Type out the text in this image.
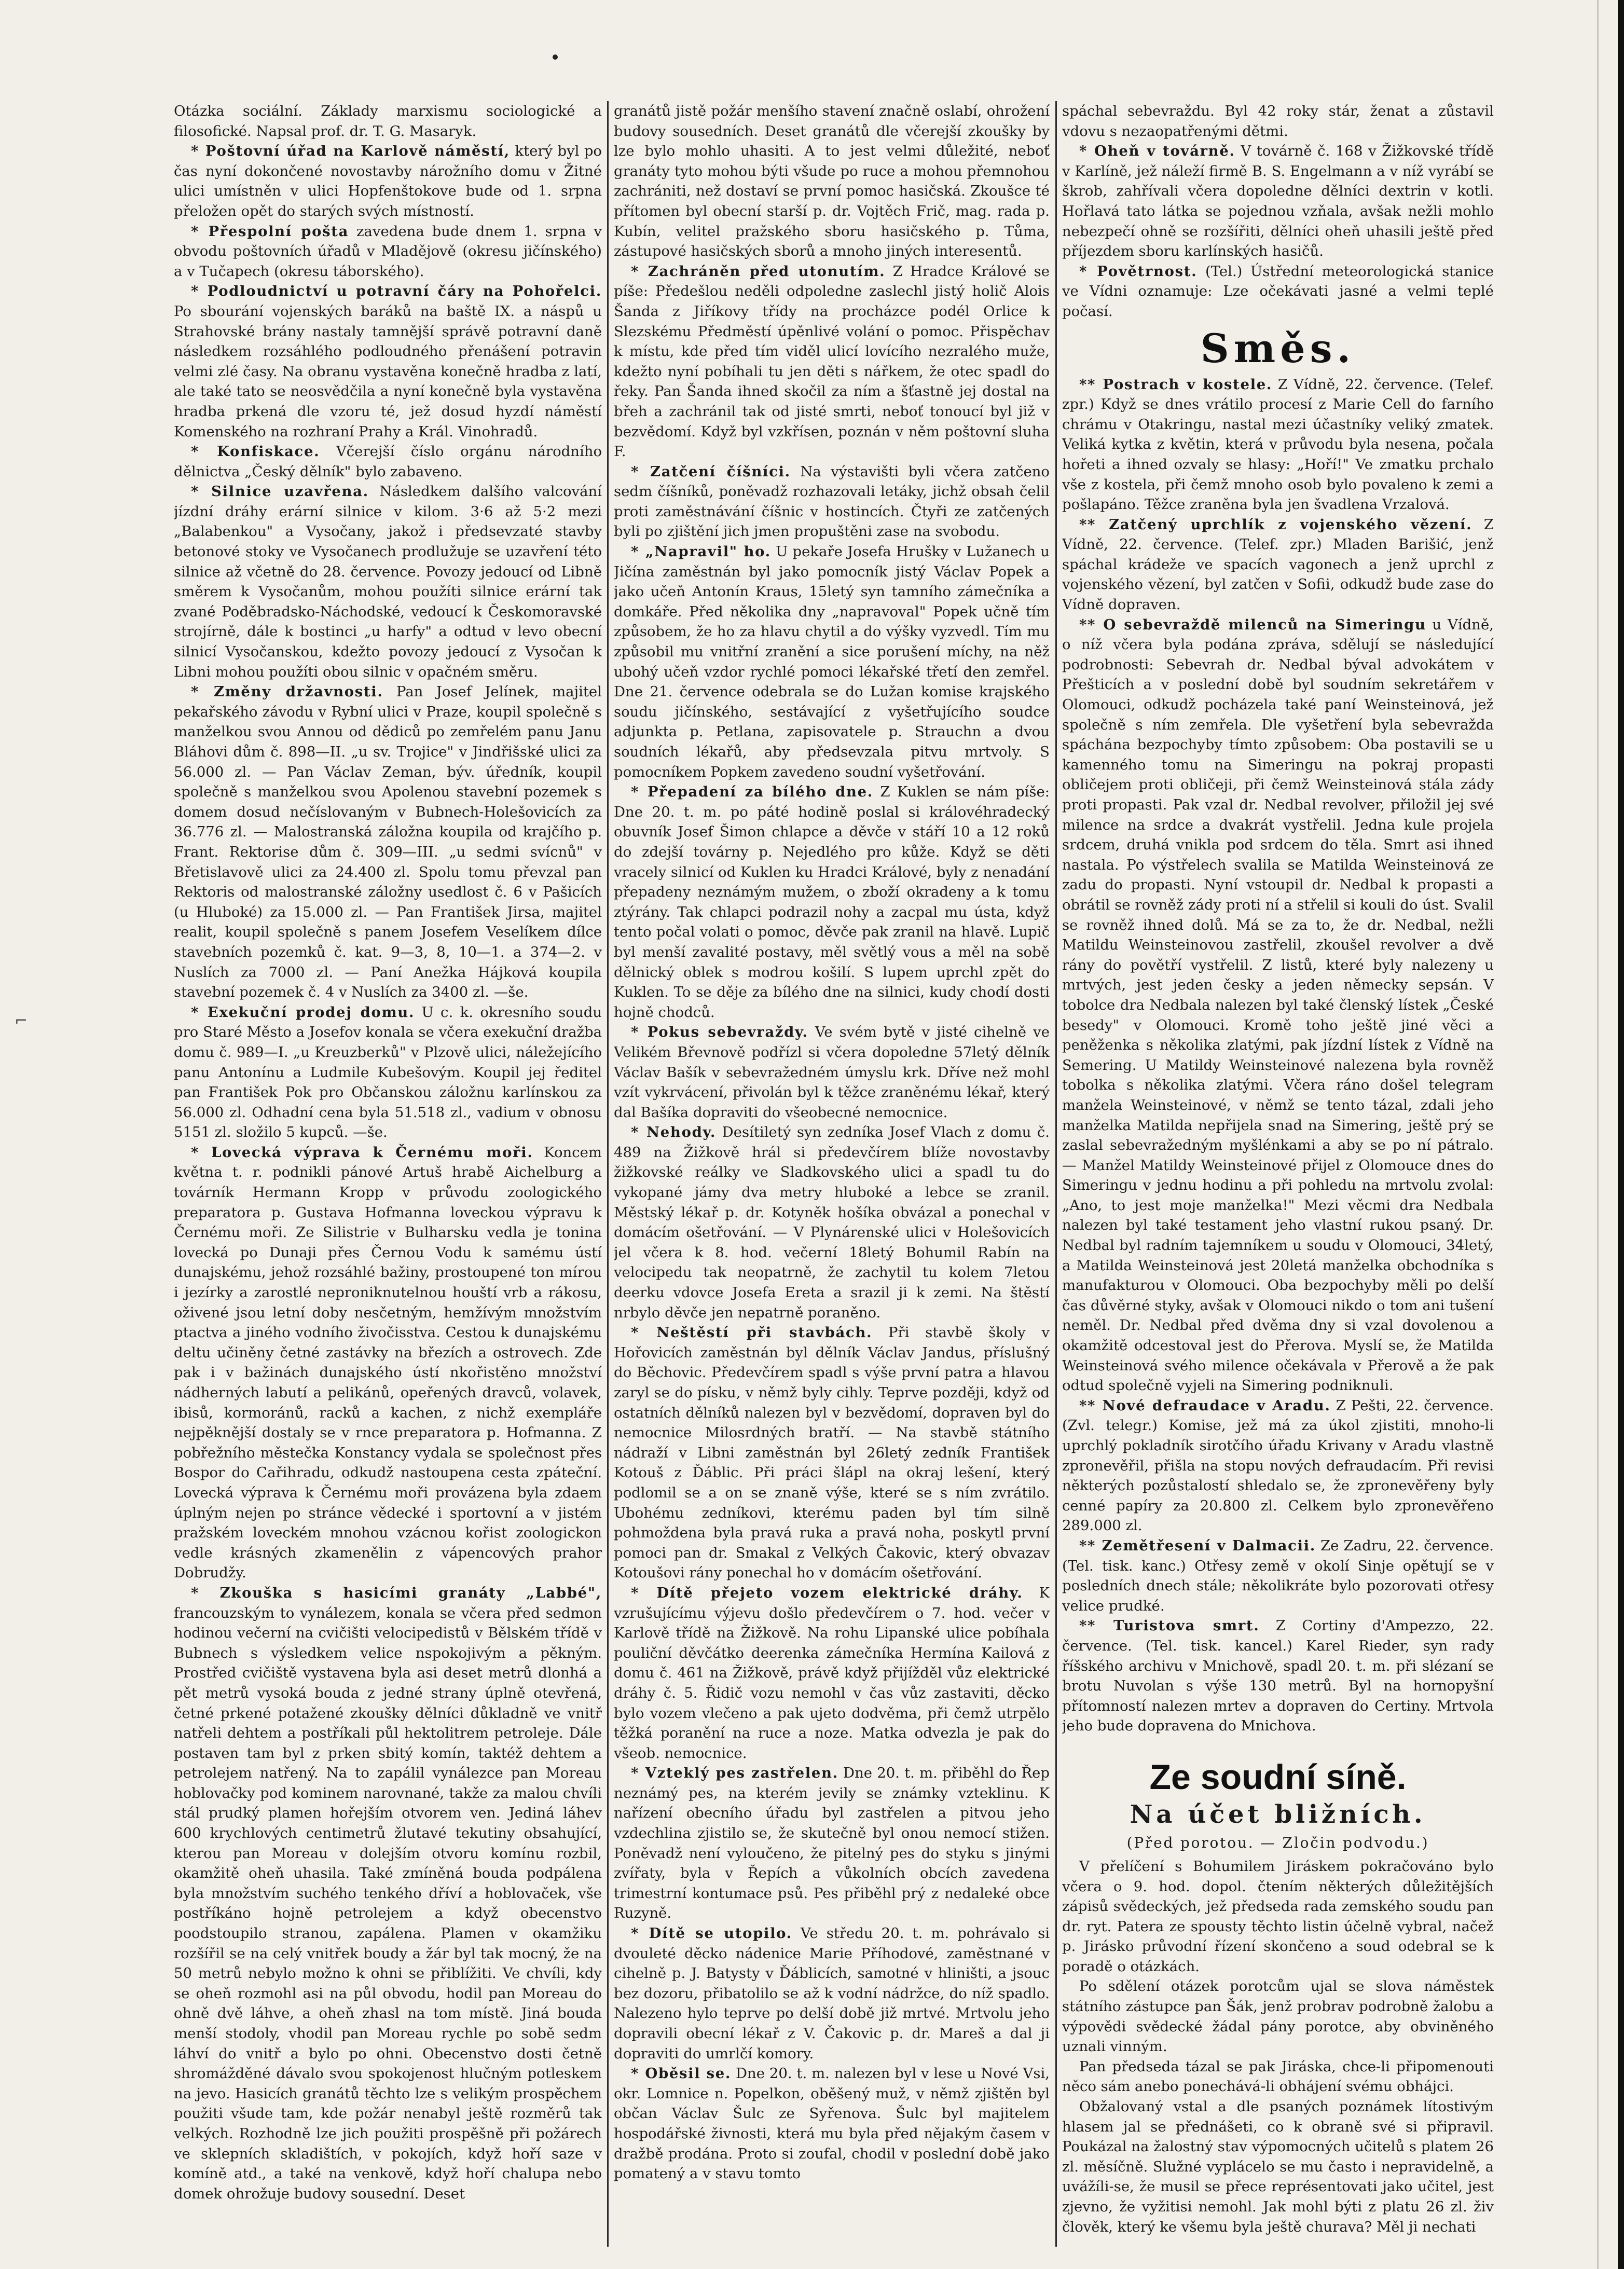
⌐

Otázka sociální. Základy marxismu sociologické a filosofické. Napsal prof. dr. T. G. Masaryk.

* Poštovní úřad na Karlově náměstí, který byl po čas nyní dokončené novostavby nárožního domu v Žitné ulici umístněn v ulici Hopfenštokove bude od 1. srpna přeložen opět do starých svých místností.

* Přespolní pošta zavedena bude dnem 1. srpna v obvodu poštovních úřadů v Mladějově (okresu jičínského) a v Tučapech (okresu táborského).

* Podloudnictví u potravní čáry na Pohořelci. Po sbourání vojenských baráků na baště IX. a náspů u Strahovské brány nastaly tamnější správě potravní daně následkem rozsáhlého podloudného přenášení potravin velmi zlé časy. Na obranu vystavěna konečně hradba z latí, ale také tato se neosvědčila a nyní konečně byla vystavěna hradba prkená dle vzoru té, jež dosud hyzdí náměstí Komenského na rozhraní Prahy a Král. Vinohradů.

* Konfiskace. Včerejší číslo orgánu národního dělnictva „Český dělník" bylo zabaveno.

* Silnice uzavřena. Následkem dalšího valcování jízdní dráhy erární silnice v kilom. 3·6 až 5·2 mezi „Balabenkou" a Vysočany, jakož i předsevzaté stavby betonové stoky ve Vysočanech prodlužuje se uzavření této silnice až včetně do 28. července. Povozy jedoucí od Libně směrem k Vysočanům, mohou použíti silnice erární tak zvané Poděbradsko-Náchodské, vedoucí k Českomoravské strojírně, dále k bostinci „u harfy" a odtud v levo obecní silnicí Vysočanskou, kdežto povozy jedoucí z Vysočan k Libni mohou použíti obou silnic v opačném směru.

* Změny državnosti. Pan Josef Jelínek, majitel pekařského závodu v Rybní ulici v Praze, koupil společně s manželkou svou Annou od dědiců po zemřelém panu Janu Bláhovi dům č. 898—II. „u sv. Trojice" v Jindřišské ulici za 56.000 zl. — Pan Václav Zeman, býv. úředník, koupil společně s manželkou svou Apolenou stavební pozemek s domem dosud nečíslovaným v Bubnech-Holešovicích za 36.776 zl. — Malostranská záložna koupila od krajčího p. Frant. Rektorise dům č. 309—III. „u sedmi svícnů" v Břetislavově ulici za 24.400 zl. Spolu tomu převzal pan Rektoris od malostranské záložny usedlost č. 6 v Pašicích (u Hluboké) za 15.000 zl. — Pan František Jirsa, majitel realit, koupil společně s panem Josefem Veselíkem dílce stavebních pozemků č. kat. 9—3, 8, 10—1. a 374—2. v Nuslích za 7000 zl. — Paní Anežka Hájková koupila stavební pozemek č. 4 v Nuslích za 3400 zl. —še.

* Exekuční prodej domu. U c. k. okresního soudu pro Staré Město a Josefov konala se včera exekuční dražba domu č. 989—I. „u Kreuzberků" v Plzově ulici, náležejícího panu Antonínu a Ludmile Kubešovým. Koupil jej ředitel pan František Pok pro Občanskou záložnu karlínskou za 56.000 zl. Odhadní cena byla 51.518 zl., vadium v obnosu 5151 zl. složilo 5 kupců. —še.

* Lovecká výprava k Černému moři. Koncem května t. r. podnikli pánové Artuš hrabě Aichelburg a továrník Hermann Kropp v průvodu zoologického preparatora p. Gustava Hofmanna loveckou výpravu k Černému moři. Ze Silistrie v Bulharsku vedla je tonina lovecká po Dunaji přes Černou Vodu k samému ústí dunajskému, jehož rozsáhlé bažiny, prostoupené ton mírou i jezírky a zarostlé neproniknutelnou houští vrb a rákosu, oživené jsou letní doby nesčetným, hemžívým množstvím ptactva a jiného vodního živočisstva. Cestou k dunajskému deltu učiněny četné zastávky na březích a ostrovech. Zde pak i v bažinách dunajského ústí nkořistěno množství nádherných labutí a pelikánů, opeřených dravců, volavek, ibisů, kormoránů, racků a kachen, z nichž exempláře nejpěknější dostaly se v rnce preparatora p. Hofmanna. Z pobřežního městečka Konstancy vydala se společnost přes Bospor do Cařihradu, odkudž nastoupena cesta zpáteční. Lovecká výprava k Černému moři provázena byla zdaem úplným nejen po stránce vědecké i sportovní a v jistém pražském loveckém mnohou vzácnou kořist zoologickon vedle krásných zkamenělin z vápencových prahor Dobrudžy.

* Zkouška s hasicími granáty „Labbé", francouzským to vynálezem, konala se včera před sedmon hodinou večerní na cvičišti velocipedistů v Bělském třídě v Bubnech s výsledkem velice nspokojivým a pěkným. Prostřed cvičiště vystavena byla asi deset metrů dlonhá a pět metrů vysoká bouda z jedné strany úplně otevřená, četné prkené potažené zkoušky dělníci důkladně ve vnitř natřeli dehtem a postříkali půl hektolitrem petroleje. Dále postaven tam byl z prken sbitý komín, taktéž dehtem a petrolejem natřený. Na to zapálil vynálezce pan Moreau hoblovačky pod kominem narovnané, takže za malou chvíli stál prudký plamen hořejším otvorem ven. Jediná láhev 600 krychlových centimetrů žlutavé tekutiny obsahující, kterou pan Moreau v dolejším otvoru komínu rozbil, okamžitě oheň uhasila. Také zmíněná bouda podpálena byla množstvím suchého tenkého dříví a hoblovaček, vše postříkáno hojně petrolejem a když obecenstvo poodstoupilo stranou, zapálena. Plamen v okamžiku rozšířil se na celý vnitřek boudy a žár byl tak mocný, že na 50 metrů nebylo možno k ohni se přiblížiti. Ve chvíli, kdy se oheň rozmohl asi na půl obvodu, hodil pan Moreau do ohně dvě láhve, a oheň zhasl na tom místě. Jiná bouda menší stodoly, vhodil pan Moreau rychle po sobě sedm láhví do vnitř a bylo po ohni. Obecenstvo dosti četně shromážděné dávalo svou spokojenost hlučným potleskem na jevo. Hasicích granátů těchto lze s velikým prospěchem použiti všude tam, kde požár nenabyl ještě rozměrů tak velkých. Rozhodně lze jich použiti prospěšně při požárech ve sklepních skladištích, v pokojích, když hoří saze v komíně atd., a také na venkově, když hoří chalupa nebo domek ohrožuje budovy sousední. Deset

granátů jistě požár menšího stavení značně oslabí, ohrožení budovy sousedních. Deset granátů dle včerejší zkoušky by lze bylo mohlo uhasiti. A to jest velmi důležité, neboť granáty tyto mohou býti všude po ruce a mohou přemnohou zachrániti, než dostaví se první pomoc hasičská. Zkoušce té přítomen byl obecní starší p. dr. Vojtěch Frič, mag. rada p. Kubín, velitel pražského sboru hasičského p. Tůma, zástupové hasičských sborů a mnoho jiných interesentů.

* Zachráněn před utonutím. Z Hradce Králové se píše: Předešlou neděli odpoledne zaslechl jistý holič Alois Šanda z Jiříkovy třídy na procházce podél Orlice k Slezskému Předměstí úpěnlivé volání o pomoc. Přispěchav k místu, kde před tím viděl ulicí lovícího nezralého muže, kdežto nyní pobíhali tu jen děti s nářkem, že otec spadl do řeky. Pan Šanda ihned skočil za ním a šťastně jej dostal na břeh a zachránil tak od jisté smrti, neboť tonoucí byl již v bezvědomí. Když byl vzkřísen, poznán v něm poštovní sluha F.

* Zatčení číšníci. Na výstavišti byli včera zatčeno sedm číšníků, poněvadž rozhazovali letáky, jichž obsah čelil proti zaměstnávání číšnic v hostincích. Čtyři ze zatčených byli po zjištění jich jmen propuštěni zase na svobodu.

* „Napravil" ho. U pekaře Josefa Hrušky v Lužanech u Jičína zaměstnán byl jako pomocník jistý Václav Popek a jako učeň Antonín Kraus, 15letý syn tamního zámečníka a domkáře. Před několika dny „napravoval" Popek učně tím způsobem, že ho za hlavu chytil a do výšky vyzvedl. Tím mu způsobil mu vnitřní zranění a sice porušení míchy, na něž ubohý učeň vzdor rychlé pomoci lékařské třetí den zemřel. Dne 21. července odebrala se do Lužan komise krajského soudu jičínského, sestávající z vyšetřujícího soudce adjunkta p. Petlana, zapisovatele p. Strauchn a dvou soudních lékařů, aby předsevzala pitvu mrtvoly. S pomocníkem Popkem zavedeno soudní vyšetřování.

* Přepadení za bílého dne. Z Kuklen se nám píše: Dne 20. t. m. po páté hodině poslal si královéhradecký obuvník Josef Šimon chlapce a děvče v stáří 10 a 12 roků do zdejší továrny p. Nejedlého pro kůže. Když se děti vracely silnicí od Kuklen ku Hradci Králové, byly z nenadání přepadeny neznámým mužem, o zboží okradeny a k tomu ztýrány. Tak chlapci podrazil nohy a zacpal mu ústa, když tento počal volati o pomoc, děvče pak zranil na hlavě. Lupič byl menší zavalité postavy, měl světlý vous a měl na sobě dělnický oblek s modrou košilí. S lupem uprchl zpět do Kuklen. To se děje za bílého dne na silnici, kudy chodí dosti hojně chodců.

* Pokus sebevraždy. Ve svém bytě v jisté cihelně ve Velikém Břevnově podřízl si včera dopoledne 57letý dělník Václav Bašík v sebevražedném úmyslu krk. Dříve než mohl vzít vykrvácení, přivolán byl k těžce zraněnému lékař, který dal Bašíka dopraviti do všeobecné nemocnice.

* Nehody. Desítiletý syn zedníka Josef Vlach z domu č. 489 na Žižkově hrál si předevčírem blíže novostavby žižkovské reálky ve Sladkovského ulici a spadl tu do vykopané jámy dva metry hluboké a lebce se zranil. Městský lékař p. dr. Kotyněk hošíka obvázal a ponechal v domácím ošetřování. — V Plynárenské ulici v Holešovicích jel včera k 8. hod. večerní 18letý Bohumil Rabín na velocipedu tak neopatrně, že zachytil tu kolem 7letou deerku vdovce Josefa Ereta a srazil ji k zemi. Na štěstí nrbylo děvče jen nepatrně poraněno.

* Neštěstí při stavbách. Při stavbě školy v Hořovicích zaměstnán byl dělník Václav Jandus, příslušný do Běchovic. Předevčírem spadl s výše první patra a hlavou zaryl se do písku, v němž byly cihly. Teprve později, když od ostatních dělníků nalezen byl v bezvědomí, dopraven byl do nemocnice Milosrdných bratří. — Na stavbě státního nádraží v Libni zaměstnán byl 26letý zedník František Kotouš z Ďáblic. Při práci šlápl na okraj lešení, který podlomil se a on se znaně výše, které se s ním zvrátilo. Ubohému zedníkovi, kterému paden byl tím silně pohmoždena byla pravá ruka a pravá noha, poskytl první pomoci pan dr. Smakal z Velkých Čakovic, který obvazav Kotoušovi rány ponechal ho v domácím ošetřování.

* Dítě přejeto vozem elektrické dráhy. K vzrušujícímu výjevu došlo předevčírem o 7. hod. večer v Karlově třídě na Žižkově. Na rohu Lipanské ulice pobíhala pouliční děvčátko deerenka zámečníka Hermína Kailová z domu č. 461 na Žižkově, právě když přijížděl vůz elektrické dráhy č. 5. Řidič vozu nemohl v čas vůz zastaviti, děcko bylo vozem vlečeno a pak ujeto dodvěma, při čemž utrpělo těžká poranění na ruce a noze. Matka odvezla je pak do všeob. nemocnice.

* Vzteklý pes zastřelen. Dne 20. t. m. přiběhl do Řep neznámý pes, na kterém jevily se známky vzteklinu. K nařízení obecního úřadu byl zastřelen a pitvou jeho vzdechlina zjistilo se, že skutečně byl onou nemocí stižen. Poněvadž není vyloučeno, že pitelný pes do styku s jinými zvířaty, byla v Řepích a vůkolních obcích zavedena trimestrní kontumace psů. Pes přiběhl prý z nedaleké obce Ruzyně.

* Dítě se utopilo. Ve středu 20. t. m. pohrávalo si dvouleté děcko nádenice Marie Příhodové, zaměstnané v cihelně p. J. Batysty v Ďáblicích, samotné v hliništi, a jsouc bez dozoru, přibatolilo se až k vodní nádržce, do níž spadlo. Nalezeno hylo teprve po delší době již mrtvé. Mrtvolu jeho dopravili obecní lékař z V. Čakovic p. dr. Mareš a dal ji dopraviti do umrlčí komory.

* Oběsil se. Dne 20. t. m. nalezen byl v lese u Nové Vsi, okr. Lomnice n. Popelkon, oběšený muž, v němž zjištěn byl občan Václav Šulc ze Syřenova. Šulc byl majitelem hospodářské živnosti, která mu byla před nějakým časem v dražbě prodána. Proto si zoufal, chodil v poslední době jako pomatený a v stavu tomto

spáchal sebevraždu. Byl 42 roky stár, ženat a zůstavil vdovu s nezaopatřenými dětmi.

* Oheň v továrně. V továrně č. 168 v Žižkovské třídě v Karlíně, jež náleží firmě B. S. Engelmann a v níž vyrábí se škrob, zahřívali včera dopoledne dělníci dextrin v kotli. Hořlavá tato látka se pojednou vzňala, avšak nežli mohlo nebezpečí ohně se rozšířiti, dělníci oheň uhasili ještě před příjezdem sboru karlínských hasičů.

* Povětrnost. (Tel.) Ústřední meteorologická stanice ve Vídni oznamuje: Lze očekávati jasné a velmi teplé počasí.

Směs.

** Postrach v kostele. Z Vídně, 22. července. (Telef. zpr.) Když se dnes vrátilo procesí z Marie Cell do farního chrámu v Otakringu, nastal mezi účastníky veliký zmatek. Veliká kytka z květin, která v průvodu byla nesena, počala hořeti a ihned ozvaly se hlasy: „Hoří!" Ve zmatku prchalo vše z kostela, při čemž mnoho osob bylo povaleno k zemi a pošlapáno. Těžce zraněna byla jen švadlena Vrzalová.

** Zatčený uprchlík z vojenského vězení. Z Vídně, 22. července. (Telef. zpr.) Mladen Barišić, jenž spáchal krádeže ve spacích vagonech a jenž uprchl z vojenského vězení, byl zatčen v Sofii, odkudž bude zase do Vídně dopraven.

** O sebevraždě milenců na Simeringu u Vídně, o níž včera byla podána zpráva, sdělují se následující podrobnosti: Sebevrah dr. Nedbal býval advokátem v Přešticích a v poslední době byl soudním sekretářem v Olomouci, odkudž pocházela také paní Weinsteinová, jež společně s ním zemřela. Dle vyšetření byla sebevražda spáchána bezpochyby tímto způsobem: Oba postavili se u kamenného tomu na Simeringu na pokraj propasti obličejem proti obličeji, při čemž Weinsteinová stála zády proti propasti. Pak vzal dr. Nedbal revolver, přiložil jej své milence na srdce a dvakrát vystřelil. Jedna kule projela srdcem, druhá vnikla pod srdcem do těla. Smrt asi ihned nastala. Po výstřelech svalila se Matilda Weinsteinová ze zadu do propasti. Nyní vstoupil dr. Nedbal k propasti a obrátil se rovněž zády proti ní a střelil si kouli do úst. Svalil se rovněž ihned dolů. Má se za to, že dr. Nedbal, nežli Matildu Weinsteinovou zastřelil, zkoušel revolver a dvě rány do povětří vystřelil. Z listů, které byly nalezeny u mrtvých, jest jeden česky a jeden německy sepsán. V tobolce dra Nedbala nalezen byl také členský lístek „České besedy" v Olomouci. Kromě toho ještě jiné věci a peněženka s několika zlatými, pak jízdní lístek z Vídně na Semering. U Matildy Weinsteinové nalezena byla rovněž tobolka s několika zlatými. Včera ráno došel telegram manžela Weinsteinové, v němž se tento tázal, zdali jeho manželka Matilda nepřijela snad na Simering, ještě prý se zaslal sebevražedným myšlénkami a aby se po ní pátralo. — Manžel Matildy Weinsteinové přijel z Olomouce dnes do Simeringu v jednu hodinu a při pohledu na mrtvolu zvolal: „Ano, to jest moje manželka!" Mezi věcmi dra Nedbala nalezen byl také testament jeho vlastní rukou psaný. Dr. Nedbal byl radním tajemníkem u soudu v Olomouci, 34letý, a Matilda Weinsteinová jest 20letá manželka obchodníka s manufakturou v Olomouci. Oba bezpochyby měli po delší čas důvěrné styky, avšak v Olomouci nikdo o tom ani tušení neměl. Dr. Nedbal před dvěma dny si vzal dovolenou a okamžitě odcestoval jest do Přerova. Myslí se, že Matilda Weinsteinová svého milence očekávala v Přerově a že pak odtud společně vyjeli na Simering podniknuli.

** Nové defraudace v Aradu. Z Pešti, 22. července. (Zvl. telegr.) Komise, jež má za úkol zjistiti, mnoho-li uprchlý pokladník sirotčího úřadu Krivany v Aradu vlastně zpronevěřil, přišla na stopu nových defraudacím. Při revisi některých pozůstalostí shledalo se, že zpronevěřeny byly cenné papíry za 20.800 zl. Celkem bylo zpronevěřeno 289.000 zl.

** Zemětřesení v Dalmacii. Ze Zadru, 22. července. (Tel. tisk. kanc.) Otřesy země v okolí Sinje opětují se v posledních dnech stále; několikráte bylo pozorovati otřesy velice prudké.

** Turistova smrt. Z Cortiny d'Ampezzo, 22. července. (Tel. tisk. kancel.) Karel Rieder, syn rady říšského archivu v Mnichově, spadl 20. t. m. při slézaní se brotu Nuvolan s výše 130 metrů. Byl na hornopyšní přítomností nalezen mrtev a dopraven do Certiny. Mrtvola jeho bude dopravena do Mnichova.

Ze soudní síně.
Na účet bližních.
(Před porotou. — Zločin podvodu.)

V přelíčení s Bohumilem Jiráskem pokračováno bylo včera o 9. hod. dopol. čtením některých důležitějších zápisů svědeckých, jež předseda rada zemského soudu pan dr. ryt. Patera ze spousty těchto listin účelně vybral, načež p. Jirásko průvodní řízení skončeno a soud odebral se k poradě o otázkách.

Po sdělení otázek porotcům ujal se slova náměstek státního zástupce pan Šák, jenž probrav podrobně žalobu a výpovědi svědecké žádal pány porotce, aby obviněného uznali vinným.

Pan předseda tázal se pak Jiráska, chce-li připomenouti něco sám anebo ponechává-li obhájení svému obhájci.

Obžalovaný vstal a dle psaných poznámek lítostivým hlasem jal se přednášeti, co k obraně své si připravil. Poukázal na žalostný stav výpomocných učitelů s platem 26 zl. měsíčně. Služné vyplácelo se mu často i nepravidelně, a uvážíli-se, že musil se přece représentovati jako učitel, jest zjevno, že vyžitisi nemohl. Jak mohl býti z platu 26 zl. živ člověk, který ke všemu byla ještě churava? Měl ji nechati
